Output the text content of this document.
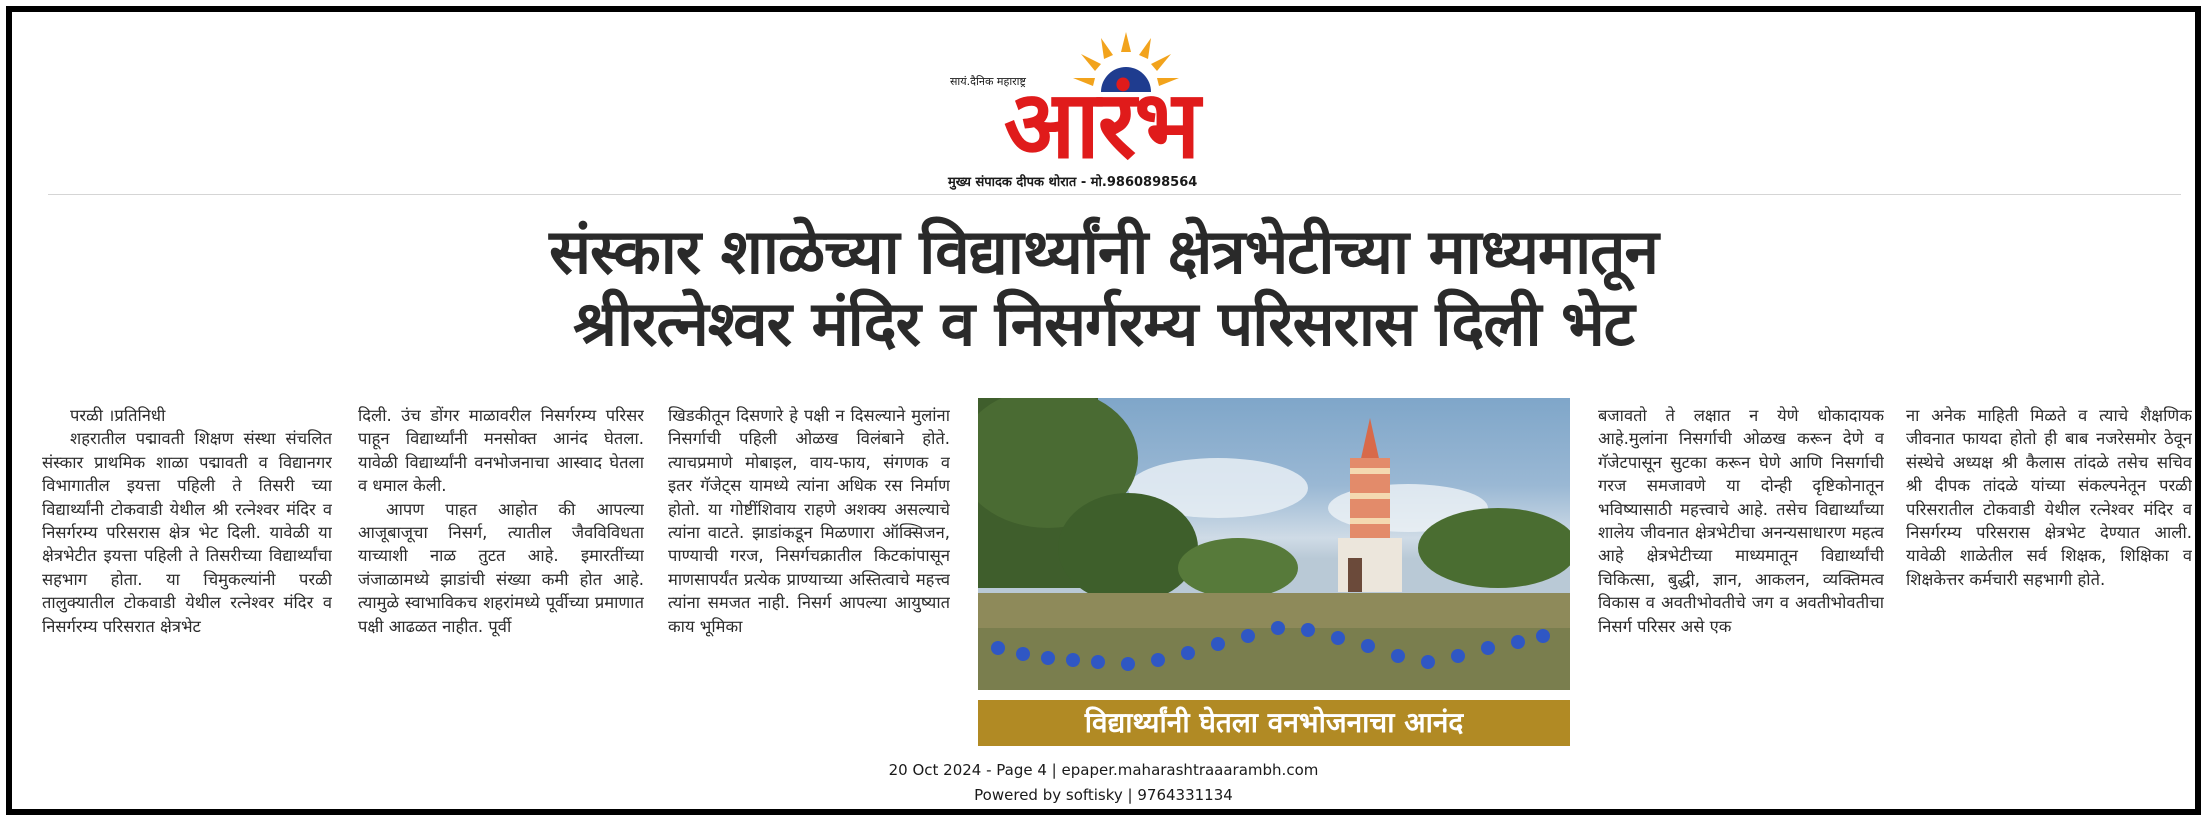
सायं.दैनिक महाराष्ट्र
आरंभ
मुख्य संपादक दीपक थोरात - मो.9860898564
संस्कार शाळेच्या विद्यार्थ्यांनी क्षेत्रभेटीच्या माध्यमातून
श्रीरत्नेश्वर मंदिर व निसर्गरम्य परिसरास दिली भेट

परळी ।प्रतिनिधी

शहरातील पद्मावती शिक्षण संस्था संचलित संस्कार प्राथमिक शाळा पद्मावती व विद्यानगर विभागातील इयत्ता पहिली ते तिसरी च्या विद्यार्थ्यांनी टोकवाडी येथील श्री रत्नेश्वर मंदिर व निसर्गरम्य परिसरास क्षेत्र भेट दिली. यावेळी या क्षेत्रभेटीत इयत्ता पहिली ते तिसरीच्या विद्यार्थ्यांचा सहभाग होता. या चिमुकल्यांनी परळी तालुक्यातील टोकवाडी येथील रत्नेश्वर मंदिर व निसर्गरम्य परिसरात क्षेत्रभेट

दिली. उंच डोंगर माळावरील निसर्गरम्य परिसर पाहून विद्यार्थ्यांनी मनसोक्त आनंद घेतला. यावेळी विद्यार्थ्यांनी वनभोजनाचा आस्वाद घेतला व धमाल केली.

आपण पाहत आहोत की आपल्या आजूबाजूचा निसर्ग, त्यातील जैवविविधता याच्याशी नाळ तुटत आहे. इमारतींच्या जंजाळामध्ये झाडांची संख्या कमी होत आहे. त्यामुळे स्वाभाविकच शहरांमध्ये पूर्वीच्या प्रमाणात पक्षी आढळत नाहीत. पूर्वी

खिडकीतून दिसणारे हे पक्षी न दिसल्याने मुलांना निसर्गाची पहिली ओळख विलंबाने होते. त्याचप्रमाणे मोबाइल, वाय-फाय, संगणक व इतर गॅजेट्स यामध्ये त्यांना अधिक रस निर्माण होतो. या गोष्टींशिवाय राहणे अशक्य असल्याचे त्यांना वाटते. झाडांकडून मिळणारा ऑक्सिजन, पाण्याची गरज, निसर्गचक्रातील किटकांपासून माणसापर्यंत प्रत्येक प्राण्याच्या अस्तित्वाचे महत्त्व त्यांना समजत नाही. निसर्ग आपल्या आयुष्यात काय भूमिका

विद्यार्थ्यांनी घेतला वनभोजनाचा आनंद

बजावतो ते लक्षात न येणे धोकादायक आहे.मुलांना निसर्गाची ओळख करून देणे व गॅजेटपासून सुटका करून घेणे आणि निसर्गाची गरज समजावणे या दोन्ही दृष्टिकोनातून भविष्यासाठी महत्त्वाचे आहे. तसेच विद्यार्थ्यांच्या शालेय जीवनात क्षेत्रभेटीचा अनन्यसाधारण महत्व आहे क्षेत्रभेटीच्या माध्यमातून विद्यार्थ्यांची चिकित्सा, बुद्धी, ज्ञान, आकलन, व्यक्तिमत्व विकास व अवतीभोवतीचे जग व अवतीभोवतीचा निसर्ग परिसर असे एक

ना अनेक माहिती मिळते व त्याचे शैक्षणिक जीवनात फायदा होतो ही बाब नजरेसमोर ठेवून संस्थेचे अध्यक्ष श्री कैलास तांदळे तसेच सचिव श्री दीपक तांदळे यांच्या संकल्पनेतून परळी परिसरातील टोकवाडी येथील रत्नेश्वर मंदिर व निसर्गरम्य परिसरास क्षेत्रभेट देण्यात आली. यावेळी शाळेतील सर्व शिक्षक, शिक्षिका व शिक्षकेत्तर कर्मचारी सहभागी होते.

20 Oct 2024 - Page 4 | epaper.maharashtraaarambh.com
Powered by softisky | 9764331134
